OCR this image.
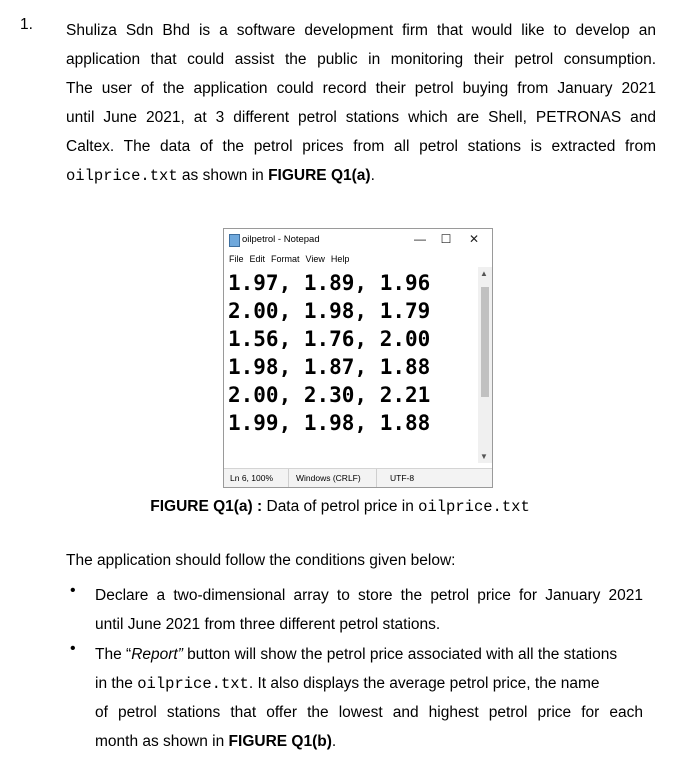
1. Shuliza Sdn Bhd is a software development firm that would like to develop an
application that could assist the public in monitoring their petrol consumption.
The user of the application could record their petrol buying from January 2021
until June 2021, at 3 different petrol stations which are Shell, PETRONAS and
Caltex. The data of the petrol prices from all petrol stations is extracted from
oilprice.txt as shown in FIGURE Q1(a).
oilpetrol - Notepad	—	☐	✕
File Edit Format View Help
1.97, 1.89, 1.96
2.00, 1.98, 1.79
1.56, 1.76, 2.00
1.98, 1.87, 1.88
2.00, 2.30, 2.21
1.99, 1.98, 1.88
▲
▼
Ln 6, 100%	Windows (CRLF)	UTF-8
FIGURE Q1(a) : Data of petrol price in oilprice.txt
The application should follow the conditions given below:
• Declare a two-dimensional array to store the petrol price for January 2021
until June 2021 from three different petrol stations.
• The “Report” button will show the petrol price associated with all the stations
in the oilprice.txt. It also displays the average petrol price, the name
of petrol stations that offer the lowest and highest petrol price for each
month as shown in FIGURE Q1(b).
